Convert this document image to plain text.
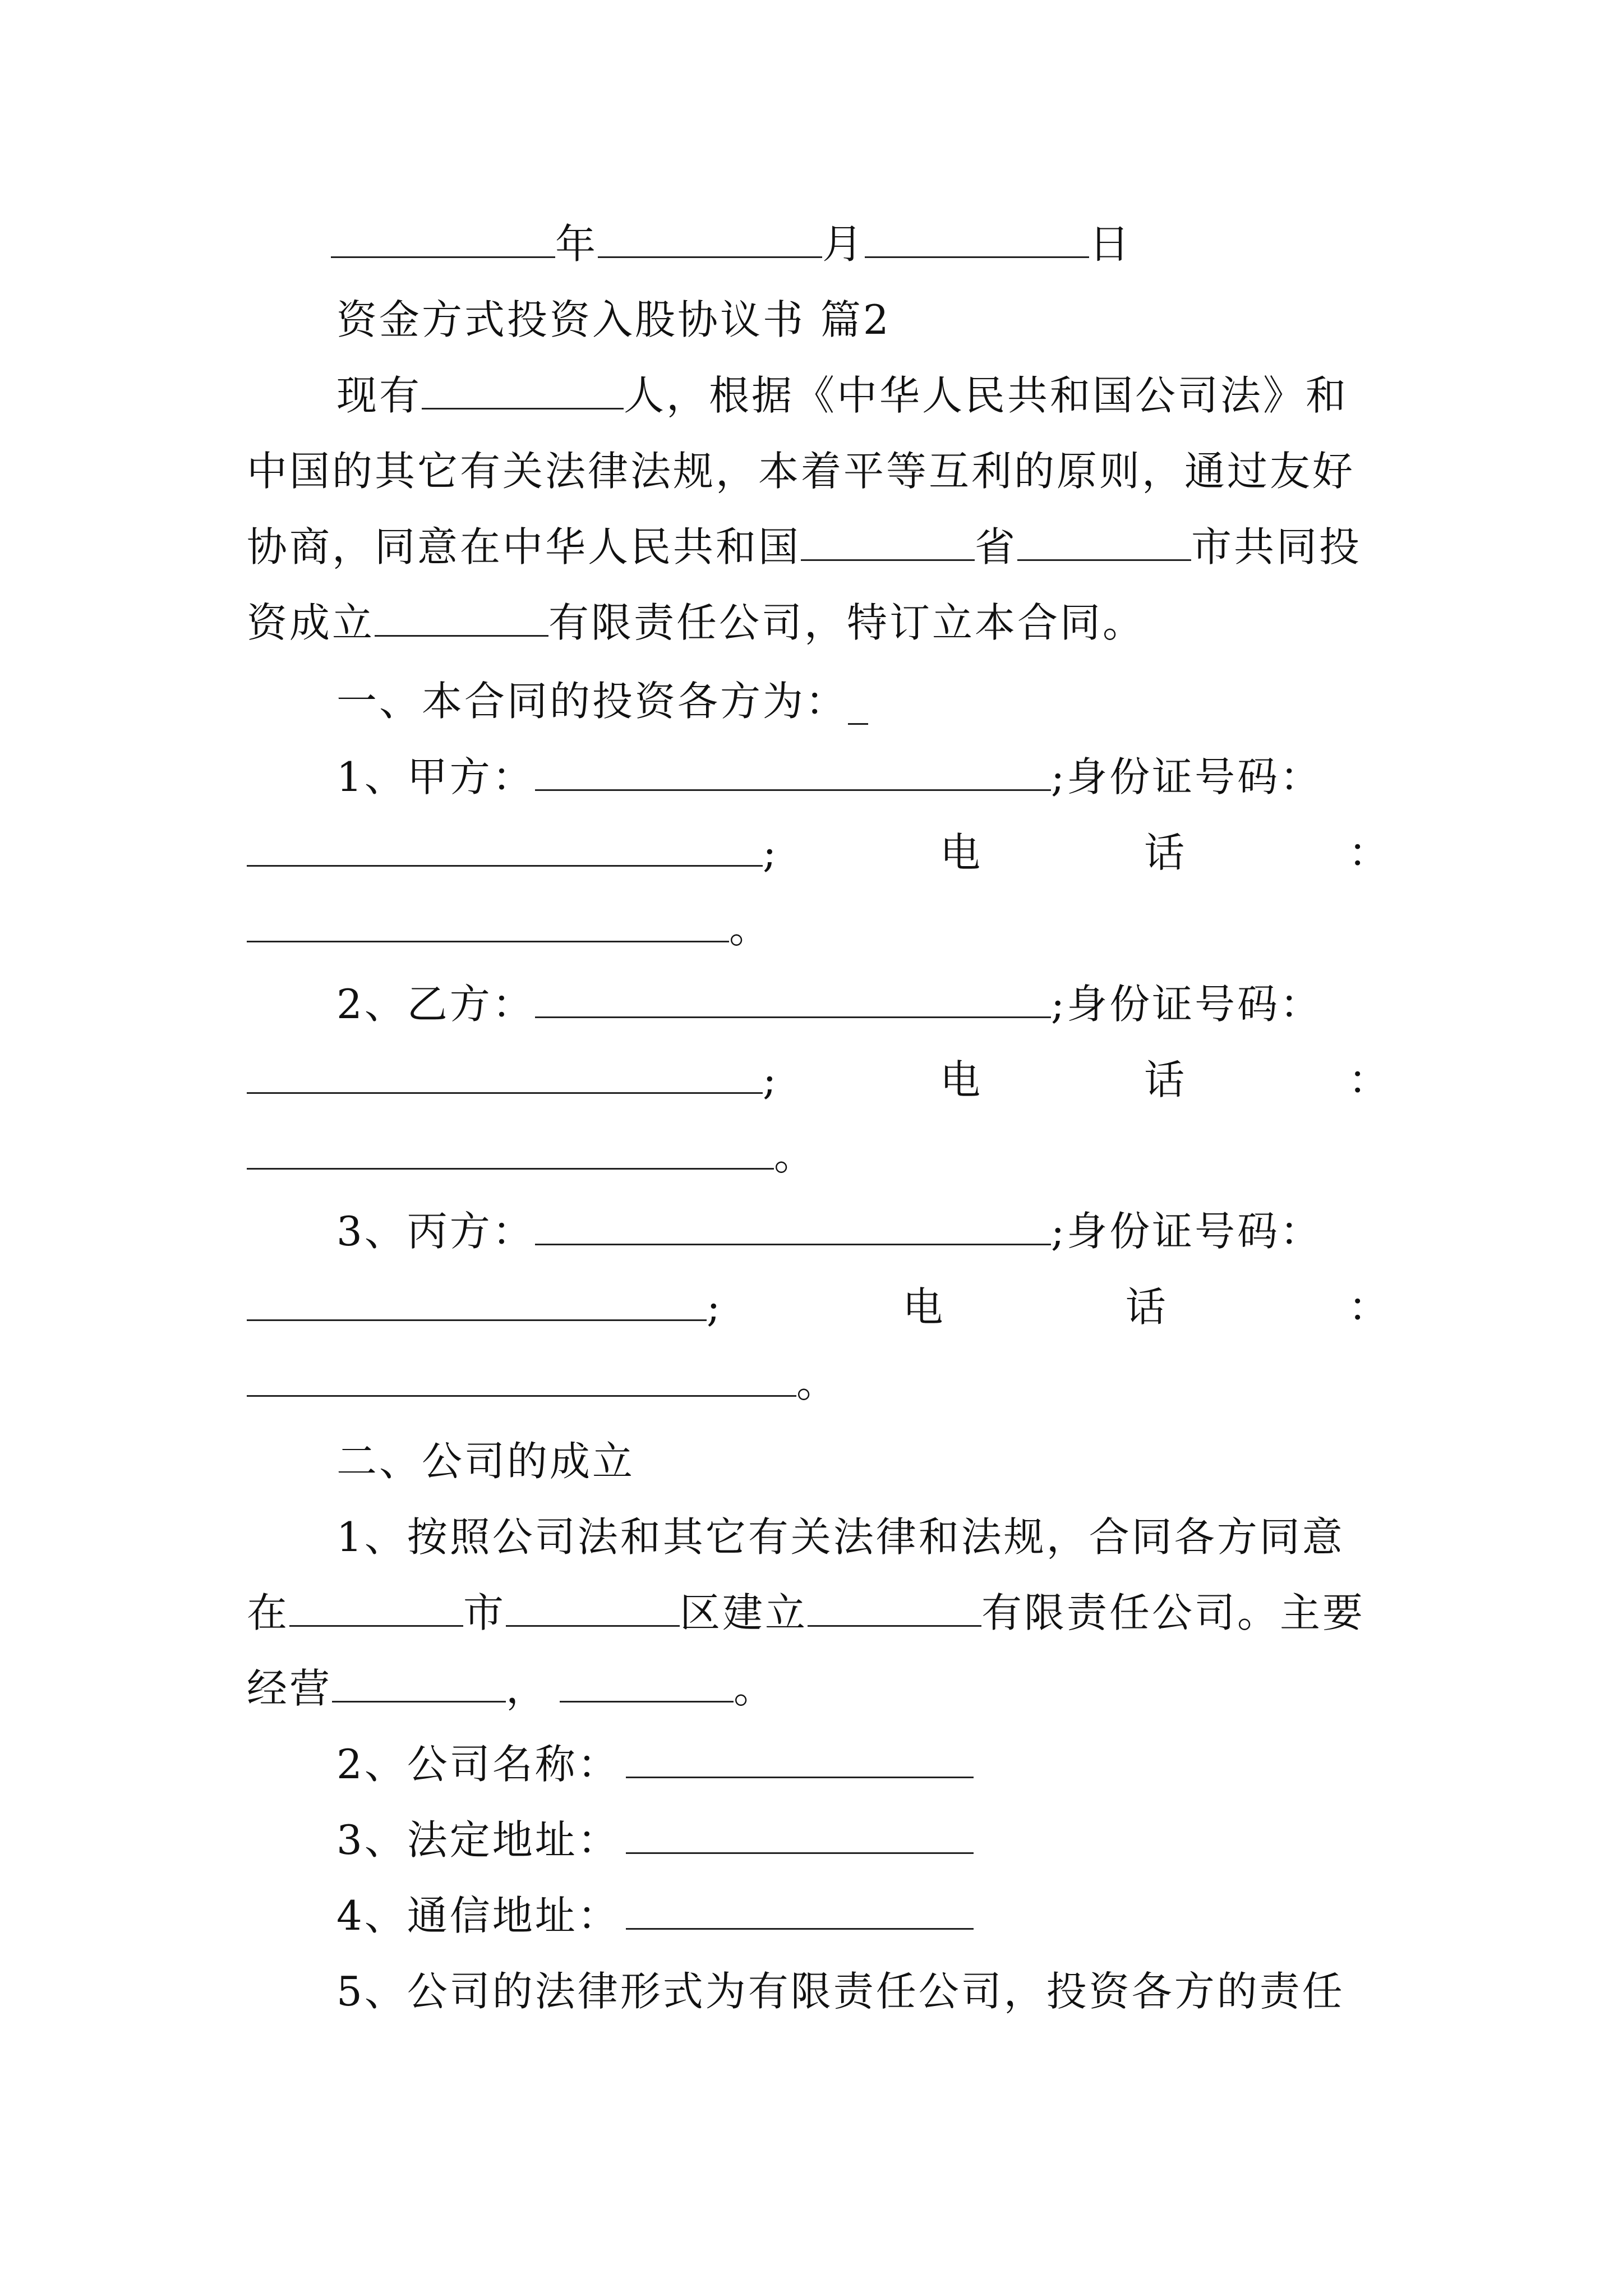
年	月	日
资金方式投资入股协议书 篇2
现有	人，根据《中华人民共和国公司法》和
中国的其它有关法律法规，本着平等互利的原则，通过友好
协商，同意在中华人民共和国	省	市共同投
资成立	有限责任公司，特订立本合同。
一、本合同的投资各方为：_
1、甲方：	;身份证号码：
;	电	话	：
。
2、乙方：	;身份证号码：
;	电	话	：
。
3、丙方：	;身份证号码：
;	电	话	：
。
二、公司的成立
1、按照公司法和其它有关法律和法规，合同各方同意
在	市	区建立	有限责任公司。主要
经营	，	。
2、公司名称：
3、法定地址：
4、通信地址：
5、公司的法律形式为有限责任公司，投资各方的责任
